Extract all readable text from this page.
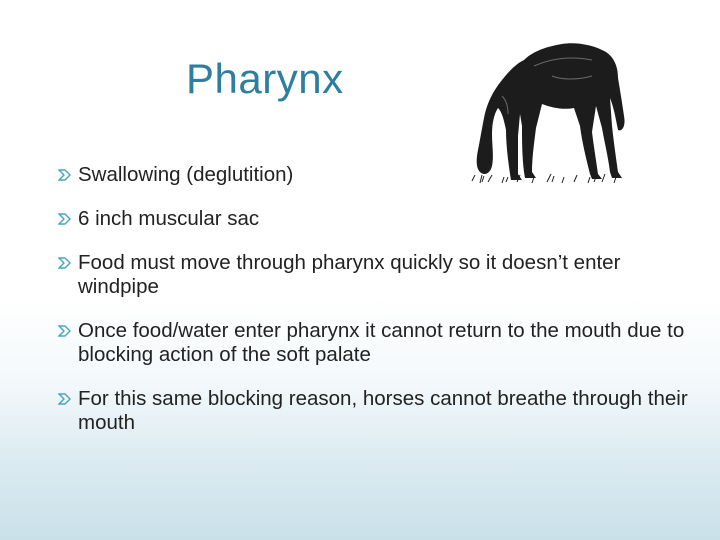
Pharynx
Swallowing (deglutition)
6 inch muscular sac
Food must move through pharynx quickly so it doesn’t enter windpipe
Once food/water enter pharynx it cannot return to the mouth due to blocking action of the soft palate
For this same blocking reason, horses cannot breathe through their mouth
